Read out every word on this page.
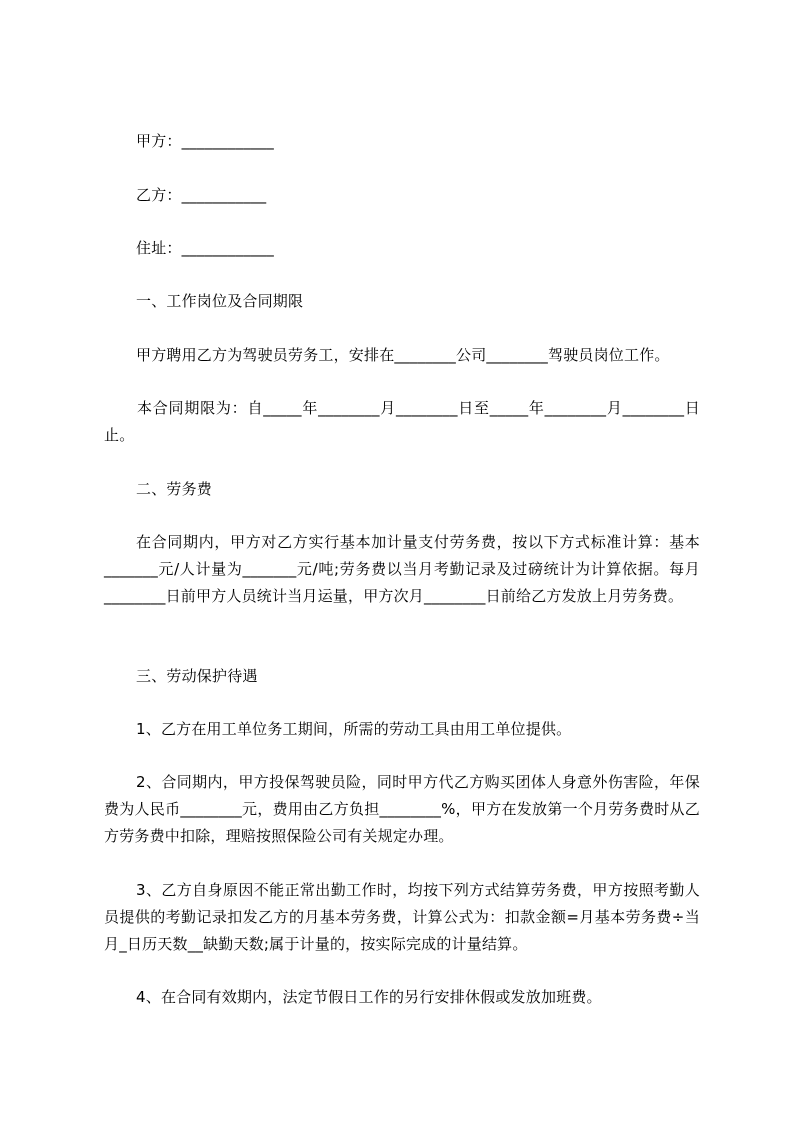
甲方：____________

乙方：___________

住址：____________

一、工作岗位及合同期限

甲方聘用乙方为驾驶员劳务工，安排在________公司________驾驶员岗位工作。

本合同期限为：自_____年________月________日至_____年________月________日止。

二、劳务费

在合同期内，甲方对乙方实行基本加计量支付劳务费，按以下方式标准计算：基本_______元/人计量为_______元/吨;劳务费以当月考勤记录及过磅统计为计算依据。每月________日前甲方人员统计当月运量，甲方次月________日前给乙方发放上月劳务费。

三、劳动保护待遇

1、乙方在用工单位务工期间，所需的劳动工具由用工单位提供。

2、合同期内，甲方投保驾驶员险，同时甲方代乙方购买团体人身意外伤害险，年保费为人民币________元，费用由乙方负担________%，甲方在发放第一个月劳务费时从乙方劳务费中扣除，理赔按照保险公司有关规定办理。

3、乙方自身原因不能正常出勤工作时，均按下列方式结算劳务费，甲方按照考勤人员提供的考勤记录扣发乙方的月基本劳务费，计算公式为：扣款金额=月基本劳务费÷当月_日历天数__缺勤天数;属于计量的，按实际完成的计量结算。

4、在合同有效期内，法定节假日工作的另行安排休假或发放加班费。
